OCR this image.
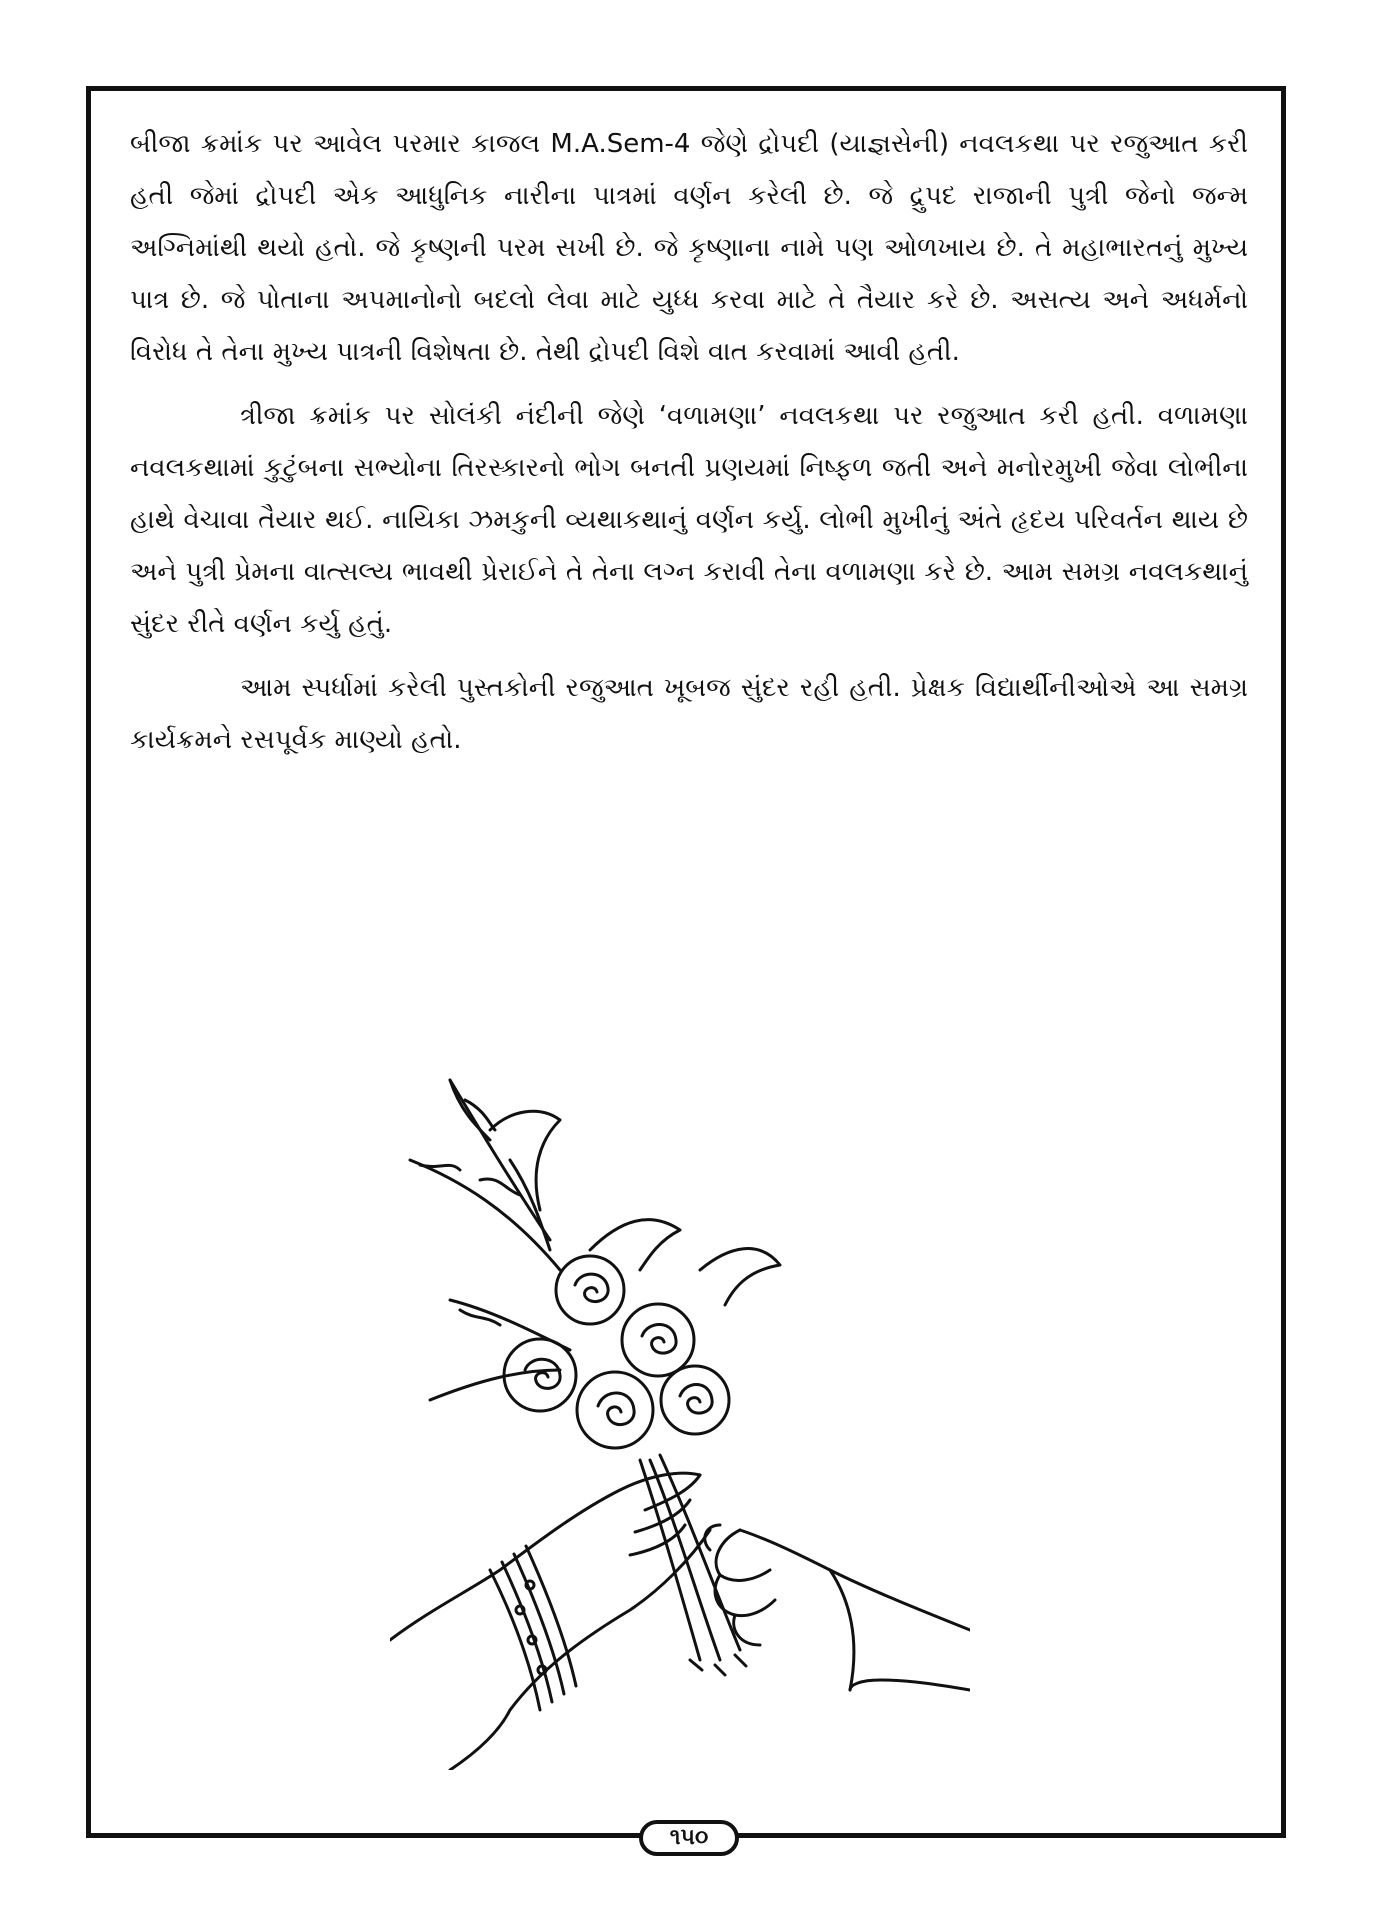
બીજા ક્રમાંક પર આવેલ પરમાર કાજલ M.A.Sem-4 જેણે દ્રોપદી (યાજ્ઞસેની) નવલકથા પર રજુઆત કરી હતી જેમાં દ્રોપદી એક આધુનિક નારીના પાત્રમાં વર્ણન કરેલી છે. જે દ્રુપદ રાજાની પુત્રી જેનો જન્મ અગ્નિમાંથી થયો હતો. જે કૃષ્ણની પરમ સખી છે. જે કૃષ્ણાના નામે પણ ઓળખાય છે. તે મહાભારતનું મુખ્ય પાત્ર છે. જે પોતાના અપમાનોનો બદલો લેવા માટે યુધ્ધ કરવા માટે તે તૈયાર કરે છે. અસત્ય અને અધર્મનો વિરોધ તે તેના મુખ્ય પાત્રની વિશેષતા છે. તેથી દ્રોપદી વિશે વાત કરવામાં આવી હતી.

ત્રીજા ક્રમાંક પર સોલંકી નંદીની જેણે ‘વળામણા’ નવલકથા પર રજુઆત કરી હતી. વળામણા નવલકથામાં કુટુંબના સભ્યોના તિરસ્કારનો ભોગ બનતી પ્રણયમાં નિષ્ફળ જતી અને મનોરમુખી જેવા લોભીના હાથે વેચાવા તૈયાર થઈ. નાયિકા ઝમકુની વ્યથાકથાનું વર્ણન કર્યુ. લોભી મુખીનું અંતે હૃદય પરિવર્તન થાય છે અને પુત્રી પ્રેમના વાત્સલ્ય ભાવથી પ્રેરાઈને તે તેના લગ્ન કરાવી તેના વળામણા કરે છે. આમ સમગ્ર નવલકથાનું સુંદર રીતે વર્ણન કર્યુ હતું.

આમ સ્પર્ધામાં કરેલી પુસ્તકોની રજુઆત ખૂબજ સુંદર રહી હતી. પ્રેક્ષક વિદ્યાર્થીનીઓએ આ સમગ્ર કાર્યક્રમને રસપૂર્વક માણ્યો હતો.

૧૫૦
